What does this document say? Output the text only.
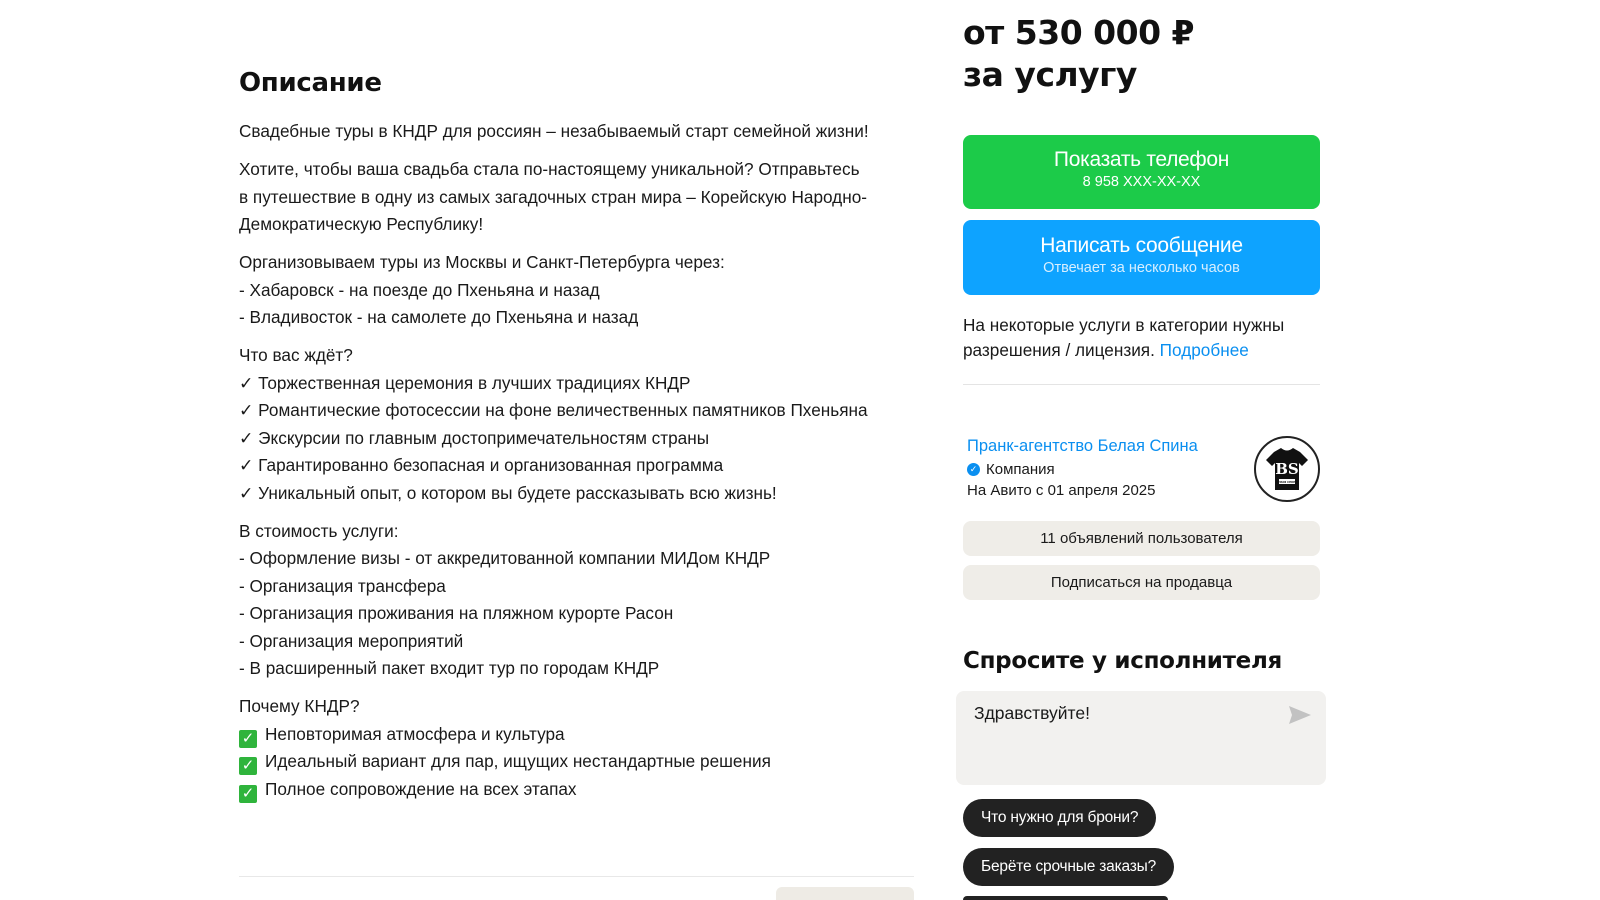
Описание

Свадебные туры в КНДР для россиян – незабываемый старт семейной жизни!

Хотите, чтобы ваша свадьба стала по-настоящему уникальной? Отправьтесь
в путешествие в одну из самых загадочных стран мира – Корейскую Народно-
Демократическую Республику!

Организовываем туры из Москвы и Санкт-Петербурга через:
- Хабаровск - на поезде до Пхеньяна и назад
- Владивосток - на самолете до Пхеньяна и назад

Что вас ждёт?
✓ Торжественная церемония в лучших традициях КНДР
✓ Романтические фотосессии на фоне величественных памятников Пхеньяна
✓ Экскурсии по главным достопримечательностям страны
✓ Гарантированно безопасная и организованная программа
✓ Уникальный опыт, о котором вы будете рассказывать всю жизнь!

В стоимость услуги:
- Оформление визы - от аккредитованной компании МИДом КНДР
- Организация трансфера
- Организация проживания на пляжном курорте Расон
- Организация мероприятий
- В расширенный пакет входит тур по городам КНДР

Почему КНДР?
✓ Неповторимая атмосфера и культура
✓ Идеальный вариант для пар, ищущих нестандартные решения
✓ Полное сопровождение на всех этапах

от 530 000 ₽
за услугу
Показать телефон
8 958 XXX-XX-XX
Написать сообщение
Отвечает за несколько часов
На некоторые услуги в категории нужны разрешения / лицензия. Подробнее
Пранк-агентство Белая Спина
✓ Компания
На Авито с 01 апреля 2025
BS
БЕЛАЯ СПИНА
11 объявлений пользователя
Подписаться на продавца
Спросите у исполнителя
Здравствуйте!
Что нужно для брони?
Берёте срочные заказы?
